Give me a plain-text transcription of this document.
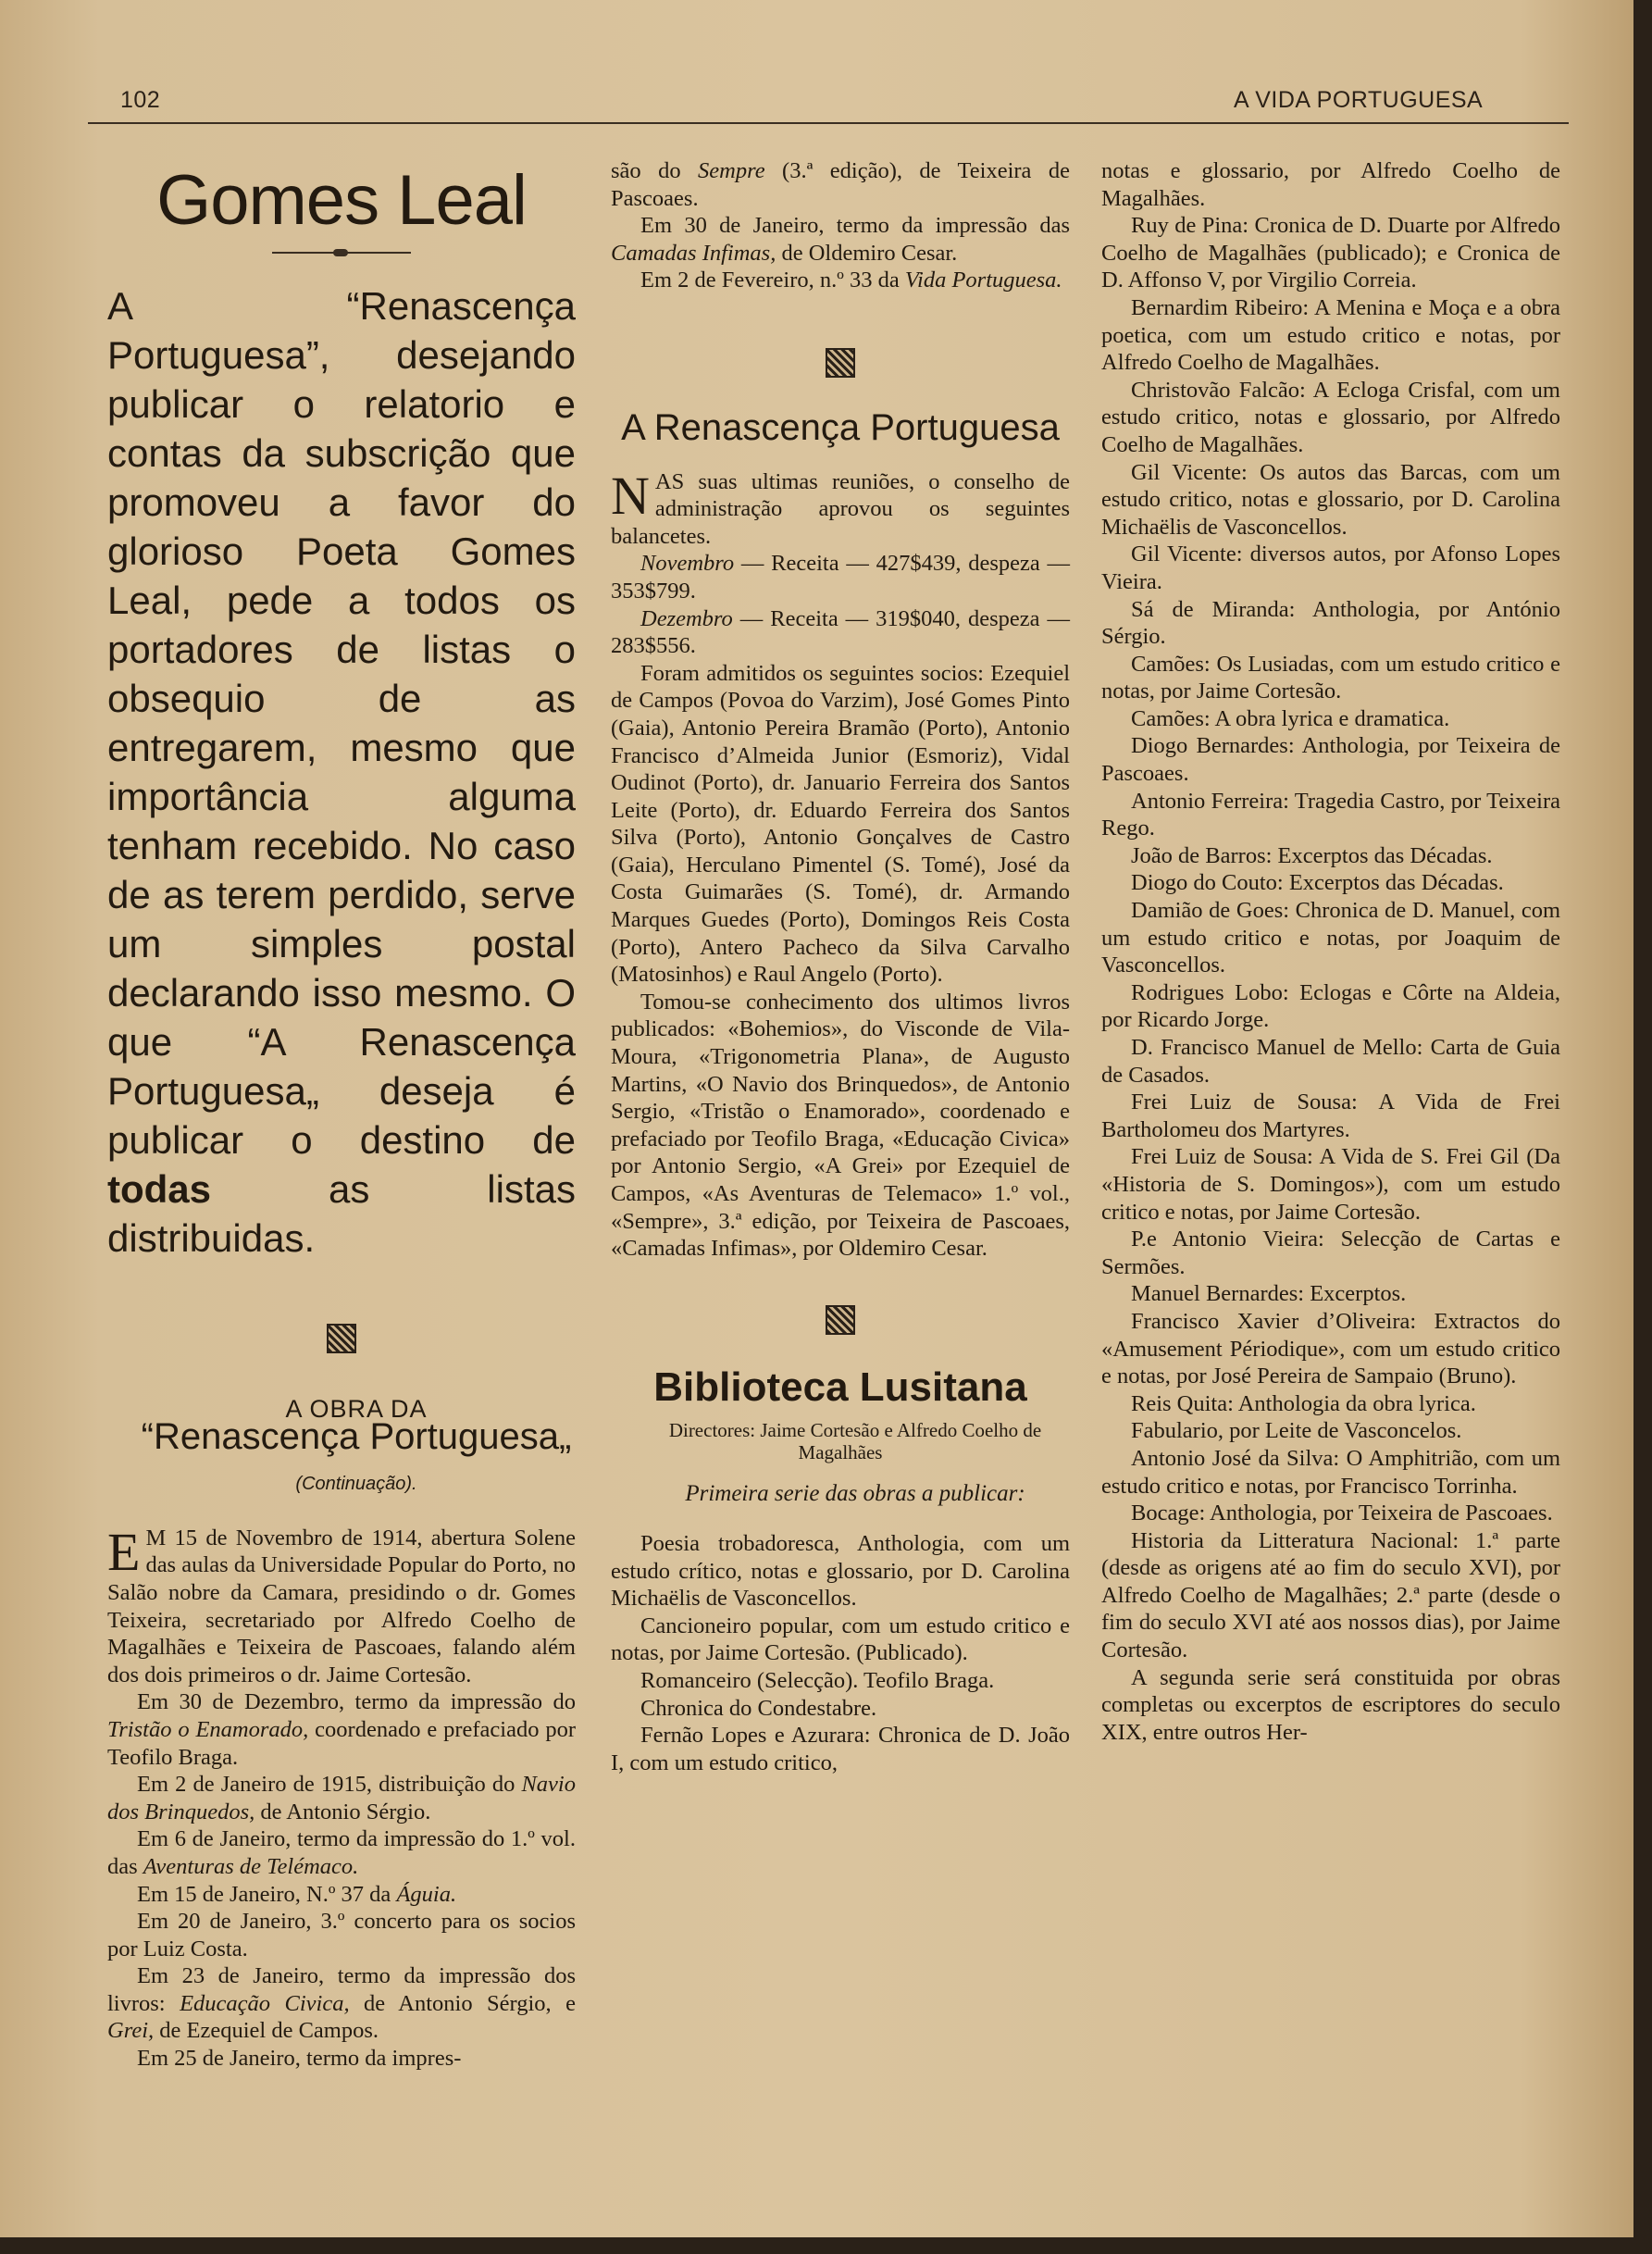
102	A VIDA PORTUGUESA
Gomes Leal

A “Renascença Portuguesa”, desejando publicar o relatorio e contas da subscrição que promoveu a favor do glorioso Poeta Gomes Leal, pede a todos os portadores de listas o obsequio de as entregarem, mesmo que importância alguma tenham recebido. No caso de as terem perdido, serve um simples postal declarando isso mesmo. O que “A Renascença Portuguesa„ deseja é publicar o destino de todas	as listas distribuidas.

A OBRA DA

“Renascença Portuguesa„

(Continuação).

E M 15 de Novembro de 1914, abertura Solene das aulas da Universidade Popular do Porto, no Salão nobre da Camara, presidindo o dr. Gomes Teixeira, secretariado por Alfredo Coelho de Magalhães e Teixeira de Pascoaes, falando além dos dois primeiros o dr. Jaime Cortesão.

Em 30 de Dezembro, termo da impressão do Tristão o Enamorado, coordenado e prefaciado por Teofilo Braga.

Em 2 de Janeiro de 1915, distribuição do Navio dos Brinquedos, de Antonio Sérgio.

Em 6 de Janeiro, termo da impressão do 1.º vol. das Aventuras de Telémaco.

Em 15 de Janeiro, N.º 37 da Águia.

Em 20 de Janeiro, 3.º concerto para os socios por Luiz Costa.

Em 23 de Janeiro, termo da impressão dos livros: Educação Civica, de Antonio Sérgio, e Grei, de Ezequiel de Campos.

Em 25 de Janeiro, termo da impres-

são do Sempre (3.ª edição), de Teixeira de Pascoaes.

Em 30 de Janeiro, termo da impressão das Camadas Infimas, de Oldemiro Cesar.

Em 2 de Fevereiro, n.º 33 da Vida Portuguesa.

A Renascença Portuguesa

NAS suas ultimas reuniões, o conselho de administração aprovou os seguintes balancetes.

Novembro — Receita — 427$439, despeza — 353$799.

Dezembro — Receita — 319$040, despeza — 283$556.

Foram admitidos os seguintes socios: Ezequiel de Campos (Povoa do Varzim), José Gomes Pinto (Gaia), Antonio Pereira Bramão (Porto), Antonio Francisco d’Almeida Junior (Esmoriz), Vidal Oudinot (Porto), dr. Januario Ferreira dos Santos Leite (Porto), dr. Eduardo Ferreira dos Santos Silva (Porto), Antonio Gonçalves de Castro (Gaia), Herculano Pimentel (S. Tomé), José da Costa Guimarães (S. Tomé), dr. Armando Marques Guedes (Porto), Domingos Reis Costa (Porto), Antero Pacheco da Silva Carvalho (Matosinhos) e Raul Angelo (Porto).

Tomou-se conhecimento dos ultimos livros publicados: «Bohemios», do Visconde de Vila-Moura, «Trigonometria Plana», de Augusto Martins, «O Navio dos Brinquedos», de Antonio Sergio, «Tristão o Enamorado», coordenado e prefaciado por Teofilo Braga, «Educação Civica» por Antonio Sergio, «A Grei» por Ezequiel de Campos, «As Aventuras de Telemaco» 1.º vol., «Sempre», 3.ª edição, por Teixeira de Pascoaes, «Camadas Infimas», por Oldemiro Cesar.

Biblioteca Lusitana

Directores: Jaime Cortesão e Alfredo Coelho de Magalhães

Primeira serie das obras a publicar:

Poesia trobadoresca, Anthologia, com um estudo crítico, notas e glossario, por D. Carolina Michaëlis de Vasconcellos.

Cancioneiro popular, com um estudo critico e notas, por Jaime Cortesão. (Publicado).

Romanceiro (Selecção). Teofilo Braga.

Chronica do Condestabre.

Fernão Lopes e Azurara: Chronica de D. João I, com um estudo critico,

notas e glossario, por Alfredo Coelho de Magalhães.

Ruy de Pina: Cronica de D. Duarte por Alfredo Coelho de Magalhães (publicado); e Cronica de D. Affonso V, por Virgilio Correia.

Bernardim Ribeiro: A Menina e Moça e a obra poetica, com um estudo critico e notas, por Alfredo Coelho de Magalhães.

Christovão Falcão: A Ecloga Crisfal, com um estudo critico, notas e glossario, por Alfredo Coelho de Magalhães.

Gil Vicente: Os autos das Barcas, com um estudo critico, notas e glossario, por D. Carolina Michaëlis de Vasconcellos.

Gil Vicente: diversos autos, por Afonso Lopes Vieira.

Sá de Miranda: Anthologia, por António Sérgio.

Camões: Os Lusiadas, com um estudo critico e notas, por Jaime Cortesão.

Camões: A obra lyrica e dramatica.

Diogo Bernardes: Anthologia, por Teixeira de Pascoaes.

Antonio Ferreira: Tragedia Castro, por Teixeira Rego.

João de Barros: Excerptos das Décadas.

Diogo do Couto: Excerptos das Décadas.

Damião de Goes: Chronica de D. Manuel, com um estudo critico e notas, por Joaquim de Vasconcellos.

Rodrigues Lobo: Eclogas e Côrte na Aldeia, por Ricardo Jorge.

D. Francisco Manuel de Mello: Carta de Guia de Casados.

Frei Luiz de Sousa: A Vida de Frei Bartholomeu dos Martyres.

Frei Luiz de Sousa: A Vida de S. Frei Gil (Da «Historia de S. Domingos»), com um estudo critico e notas, por Jaime Cortesão.

P.e Antonio Vieira: Selecção de Cartas e Sermões.

Manuel Bernardes: Excerptos.

Francisco Xavier d’Oliveira: Extractos do «Amusement Périodique», com um estudo critico e notas, por José Pereira de Sampaio (Bruno).

Reis Quita: Anthologia da obra lyrica.

Fabulario, por Leite de Vasconcelos.

Antonio José da Silva: O Amphitrião, com um estudo critico e notas, por Francisco Torrinha.

Bocage: Anthologia, por Teixeira de Pascoaes.

Historia da Litteratura Nacional: 1.ª parte (desde as origens até ao fim do seculo XVI), por Alfredo Coelho de Magalhães; 2.ª parte (desde o fim do seculo XVI até aos nossos dias), por Jaime Cortesão.

A segunda serie será constituida por obras completas ou excerptos de escriptores do seculo XIX, entre outros Her-
